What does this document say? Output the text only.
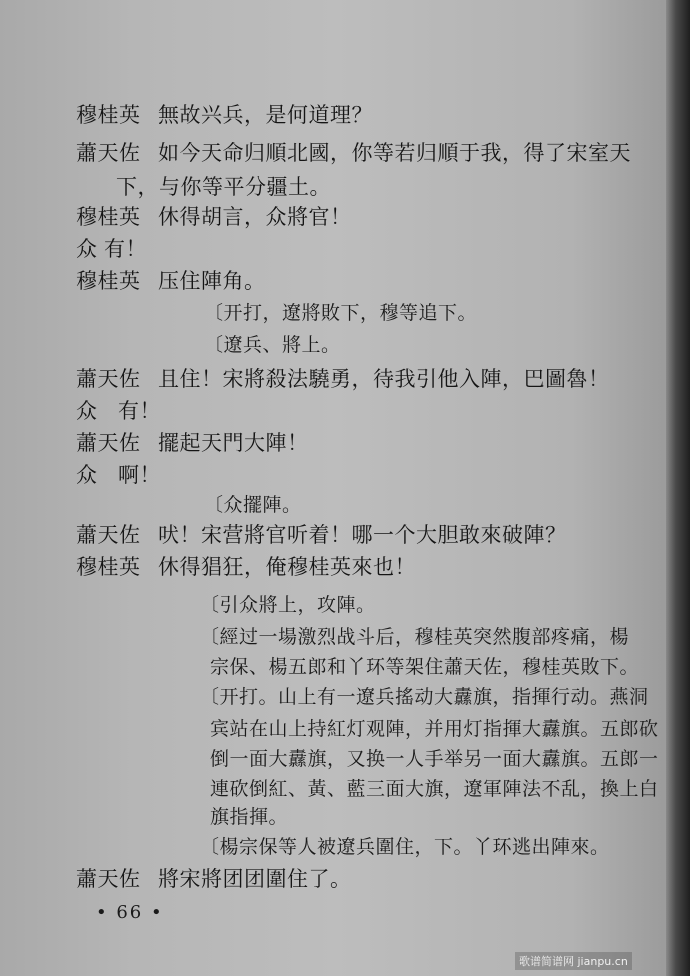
穆桂英 無故兴兵，是何道理？
蕭天佐 如今天命归順北國，你等若归順于我，得了宋室天
下，与你等平分疆土。
穆桂英 休得胡言，众將官！
众 有！
穆桂英 压住陣角。
〔开打，遼將敗下，穆等追下。
〔遼兵、將上。
蕭天佐 且住！宋將殺法驍勇，待我引他入陣，巴圖魯！
众 有！
蕭天佐 擺起天門大陣！
众 啊！
〔众擺陣。
蕭天佐 吠！宋营將官听着！哪一个大胆敢來破陣？
穆桂英 休得猖狂，俺穆桂英來也！
〔引众將上，攻陣。
〔經过一場激烈战斗后，穆桂英突然腹部疼痛，楊
宗保、楊五郎和丫环等架住蕭天佐，穆桂英敗下。
〔开打。山上有一遼兵搖动大纛旗，指揮行动。燕洞
宾站在山上持紅灯观陣，并用灯指揮大纛旗。五郎砍
倒一面大纛旗，又换一人手举另一面大纛旗。五郎一
連砍倒紅、黃、藍三面大旗，遼軍陣法不乱，換上白
旗指揮。
〔楊宗保等人被遼兵圍住，下。丫环逃出陣來。
蕭天佐 將宋將团团圍住了。
• 66 •
歌谱简谱网 jianpu.cn
